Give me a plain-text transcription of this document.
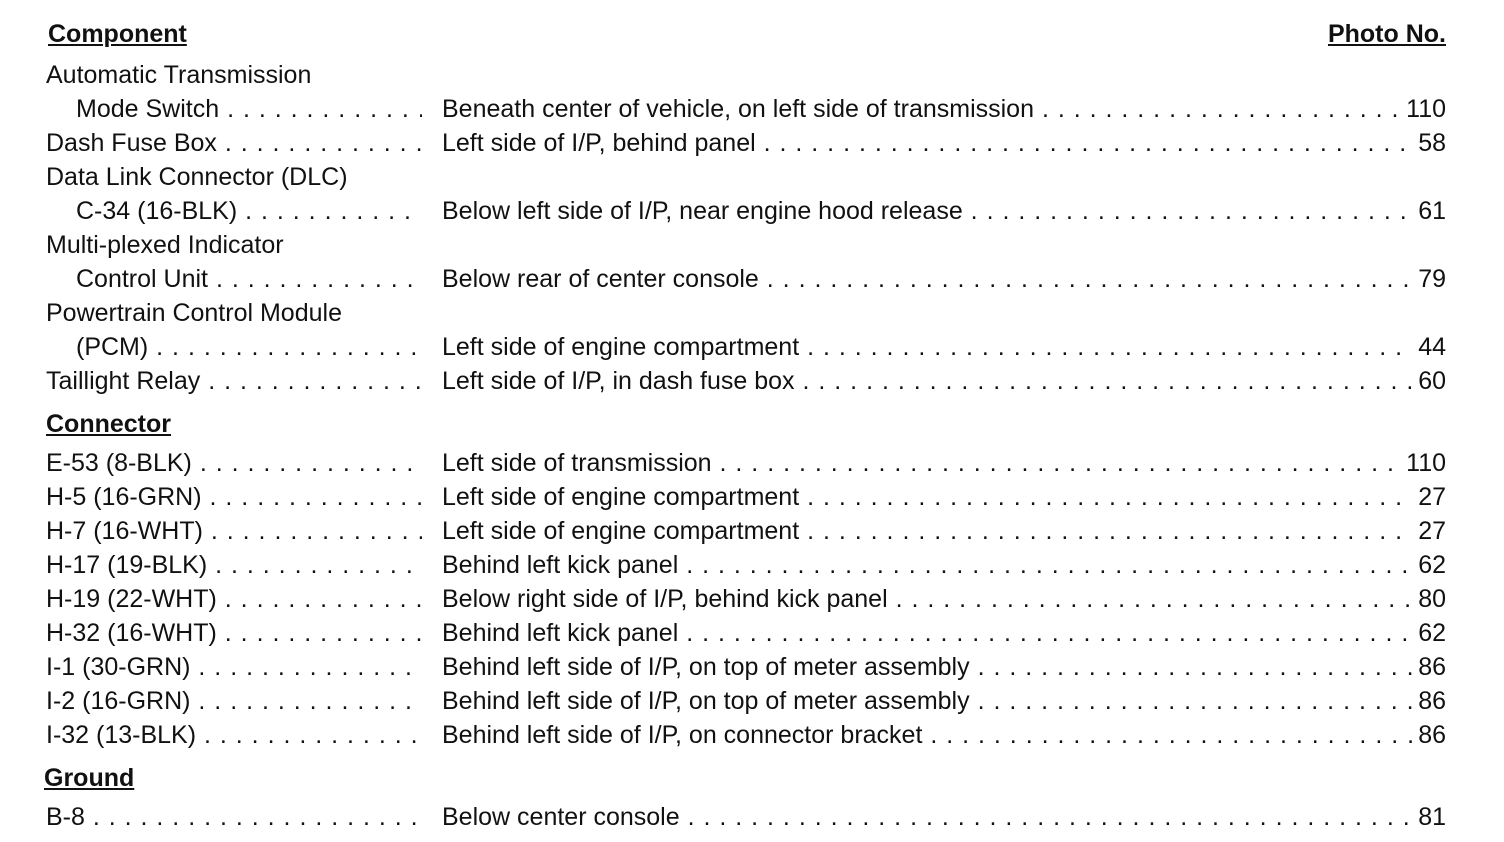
Component	Photo No.
Automatic Transmission
Mode Switch . . .	Beneath center of vehicle, on left side of transmission . . .	110
Dash Fuse Box . . .	Left side of I/P, behind panel . . .	58
Data Link Connector (DLC)
C-34 (16-BLK) . . .	Below left side of I/P, near engine hood release . . .	61
Multi-plexed Indicator
Control Unit . . .	Below rear of center console . . .	79
Powertrain Control Module
(PCM) . . .	Left side of engine compartment . . .	44
Taillight Relay . . .	Left side of I/P, in dash fuse box . . .	60
Connector
E-53 (8-BLK) . . .	Left side of transmission . . .	110
H-5 (16-GRN) . . .	Left side of engine compartment . . .	27
H-7 (16-WHT) . . .	Left side of engine compartment . . .	27
H-17 (19-BLK) . . .	Behind left kick panel . . .	62
H-19 (22-WHT) . . .	Below right side of I/P, behind kick panel . . .	80
H-32 (16-WHT) . . .	Behind left kick panel . . .	62
I-1 (30-GRN) . . .	Behind left side of I/P, on top of meter assembly . . .	86
I-2 (16-GRN) . . .	Behind left side of I/P, on top of meter assembly . . .	86
I-32 (13-BLK) . . .	Behind left side of I/P, on connector bracket . . .	86
Ground
B-8 . . .	Below center console . . .	81
